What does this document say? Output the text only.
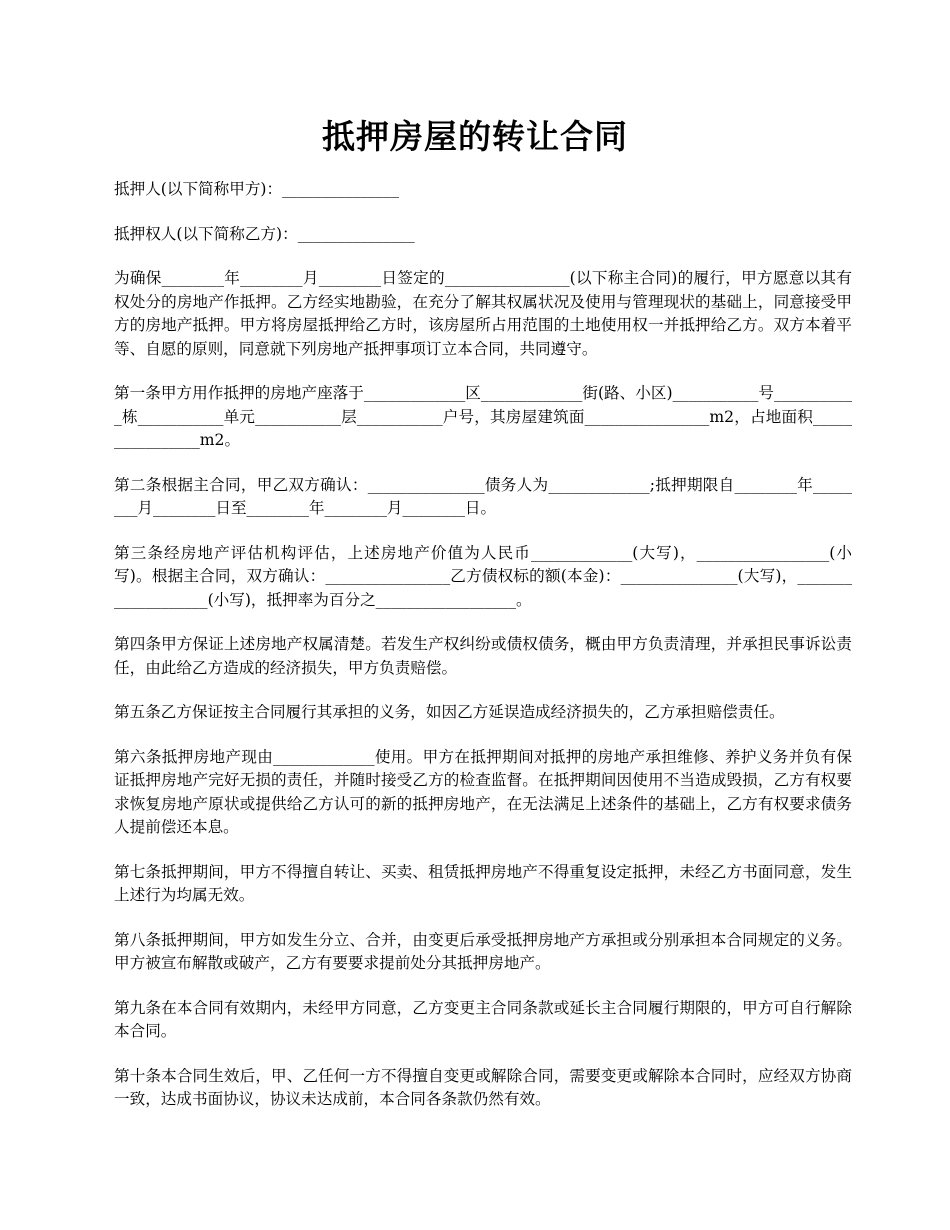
抵押房屋的转让合同

抵押人(以下简称甲方)：_______________

抵押权人(以下简称乙方)：_______________

为确保________年________月________日签定的________________(以下称主合同)的履行，甲方愿意以其有权处分的房地产作抵押。乙方经实地勘验，在充分了解其权属状况及使用与管理现状的基础上，同意接受甲方的房地产抵押。甲方将房屋抵押给乙方时，该房屋所占用范围的土地使用权一并抵押给乙方。双方本着平等、自愿的原则，同意就下列房地产抵押事项订立本合同，共同遵守。

第一条甲方用作抵押的房地产座落于_____________区_____________街(路、小区)___________号___________栋___________单元___________层___________户号，其房屋建筑面________________m2，占地面积________________m2。

第二条根据主合同，甲乙双方确认：_______________债务人为_____________;抵押期限自________年________月________日至________年________月________日。

第三条经房地产评估机构评估，上述房地产价值为人民币_____________(大写)，_________________(小写)。根据主合同，双方确认：________________乙方债权标的额(本金)：_______________(大写)，___________________(小写)，抵押率为百分之__________________。

第四条甲方保证上述房地产权属清楚。若发生产权纠纷或债权债务，概由甲方负责清理，并承担民事诉讼责任，由此给乙方造成的经济损失，甲方负责赔偿。

第五条乙方保证按主合同履行其承担的义务，如因乙方延误造成经济损失的，乙方承担赔偿责任。

第六条抵押房地产现由_____________使用。甲方在抵押期间对抵押的房地产承担维修、养护义务并负有保证抵押房地产完好无损的责任，并随时接受乙方的检查监督。在抵押期间因使用不当造成毁损，乙方有权要求恢复房地产原状或提供给乙方认可的新的抵押房地产，在无法满足上述条件的基础上，乙方有权要求债务人提前偿还本息。

第七条抵押期间，甲方不得擅自转让、买卖、租赁抵押房地产不得重复设定抵押，未经乙方书面同意，发生上述行为均属无效。

第八条抵押期间，甲方如发生分立、合并，由变更后承受抵押房地产方承担或分别承担本合同规定的义务。甲方被宣布解散或破产，乙方有要要求提前处分其抵押房地产。

第九条在本合同有效期内，未经甲方同意，乙方变更主合同条款或延长主合同履行期限的，甲方可自行解除本合同。

第十条本合同生效后，甲、乙任何一方不得擅自变更或解除合同，需要变更或解除本合同时，应经双方协商一致，达成书面协议，协议未达成前，本合同各条款仍然有效。
